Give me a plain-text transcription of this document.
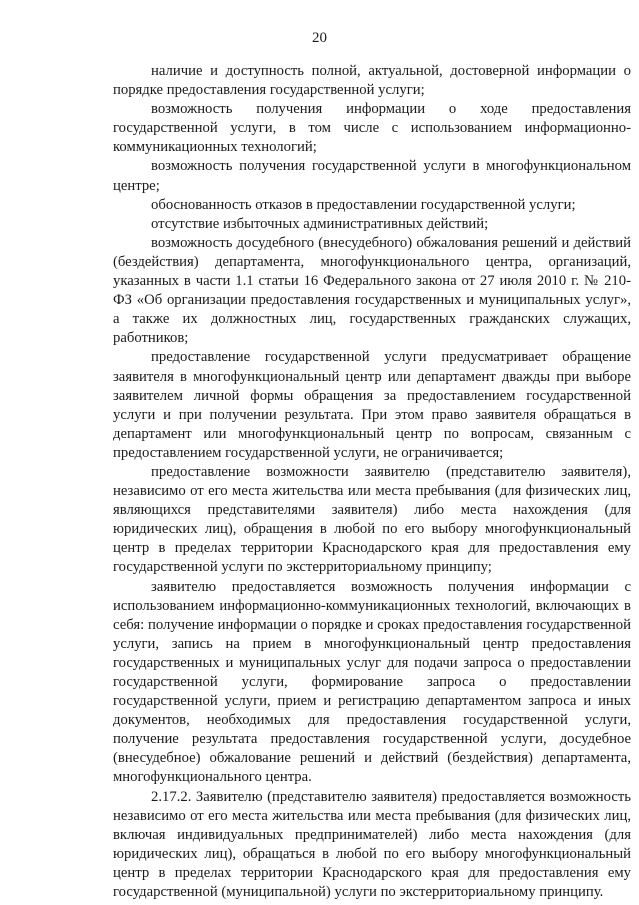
20

наличие и доступность полной, актуальной, достоверной информации о порядке предоставления государственной услуги;

возможность получения информации о ходе предоставления государственной услуги, в том числе с использованием информационно-коммуникационных технологий;

возможность получения государственной услуги в многофункциональном центре;

обоснованность отказов в предоставлении государственной услуги;

отсутствие избыточных административных действий;

возможность досудебного (внесудебного) обжалования решений и действий (бездействия) департамента, многофункционального центра, организаций, указанных в части 1.1 статьи 16 Федерального закона от 27 июля 2010 г. № 210-ФЗ «Об организации предоставления государственных и муниципальных услуг», а также их должностных лиц, государственных гражданских служащих, работников;

предоставление государственной услуги предусматривает обращение заявителя в многофункциональный центр или департамент дважды при выборе заявителем личной формы обращения за предоставлением государственной услуги и при получении результата. При этом право заявителя обращаться в департамент или многофункциональный центр по вопросам, связанным с предоставлением государственной услуги, не ограничивается;

предоставление возможности заявителю (представителю заявителя), независимо от его места жительства или места пребывания (для физических лиц, являющихся представителями заявителя) либо места нахождения (для юридических лиц), обращения в любой по его выбору многофункциональный центр в пределах территории Краснодарского края для предоставления ему государственной услуги по экстерриториальному принципу;

заявителю предоставляется возможность получения информации с использованием информационно-коммуникационных технологий, включающих в себя: получение информации о порядке и сроках предоставления государственной услуги, запись на прием в многофункциональный центр предоставления государственных и муниципальных услуг для подачи запроса о предоставлении государственной услуги, формирование запроса о предоставлении государственной услуги, прием и регистрацию департаментом запроса и иных документов, необходимых для предоставления государственной услуги, получение результата предоставления государственной услуги, досудебное (внесудебное) обжалование решений и действий (бездействия) департамента, многофункционального центра.

2.17.2. Заявителю (представителю заявителя) предоставляется возможность независимо от его места жительства или места пребывания (для физических лиц, включая индивидуальных предпринимателей) либо места нахождения (для юридических лиц), обращаться в любой по его выбору многофункциональный центр в пределах территории Краснодарского края для предоставления ему государственной (муниципальной) услуги по экстерриториальному принципу.
